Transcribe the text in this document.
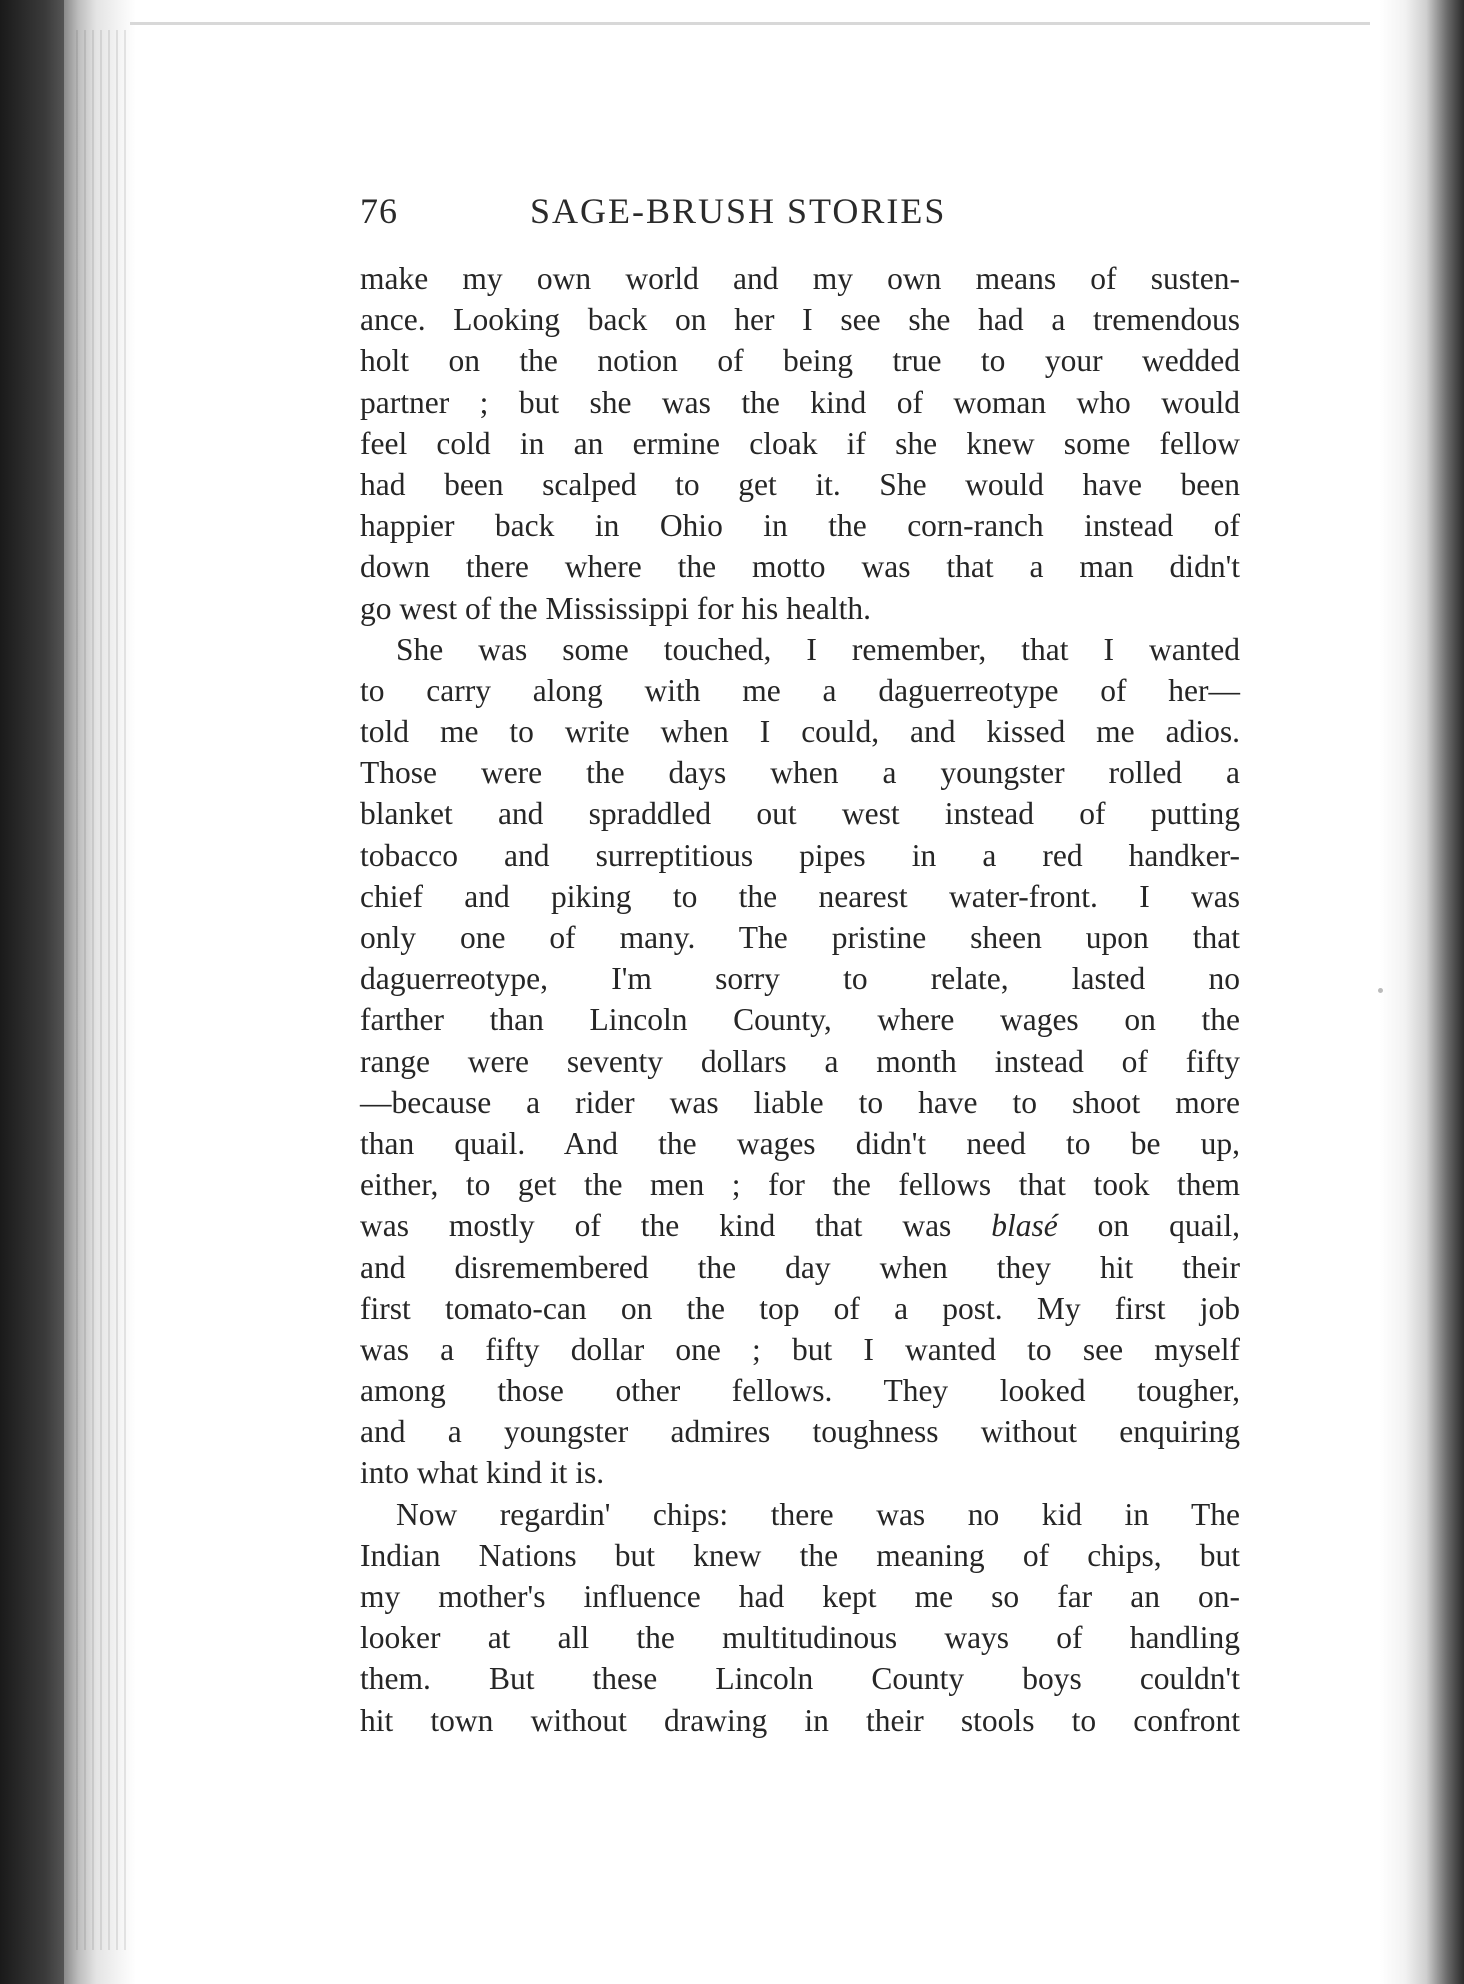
76	SAGE-BRUSH STORIES
make my own world and my own means of susten-
ance. Looking back on her I see she had a tremendous
holt on the notion of being true to your wedded
partner ; but she was the kind of woman who would
feel cold in an ermine cloak if she knew some fellow
had been scalped to get it. She would have been
happier back in Ohio in the corn-ranch instead of
down there where the motto was that a man didn't
go west of the Mississippi for his health.
She was some touched, I remember, that I wanted
to carry along with me a daguerreotype of her—
told me to write when I could, and kissed me adios.
Those were the days when a youngster rolled a
blanket and spraddled out west instead of putting
tobacco and surreptitious pipes in a red handker-
chief and piking to the nearest water-front. I was
only one of many. The pristine sheen upon that
daguerreotype, I'm sorry to relate, lasted no
farther than Lincoln County, where wages on the
range were seventy dollars a month instead of fifty
—because a rider was liable to have to shoot more
than quail. And the wages didn't need to be up,
either, to get the men ; for the fellows that took them
was mostly of the kind that was blasé on quail,
and disremembered the day when they hit their
first tomato-can on the top of a post. My first job
was a fifty dollar one ; but I wanted to see myself
among those other fellows. They looked tougher,
and a youngster admires toughness without enquiring
into what kind it is.
Now regardin' chips: there was no kid in The
Indian Nations but knew the meaning of chips, but
my mother's influence had kept me so far an on-
looker at all the multitudinous ways of handling
them. But these Lincoln County boys couldn't
hit town without drawing in their stools to confront
